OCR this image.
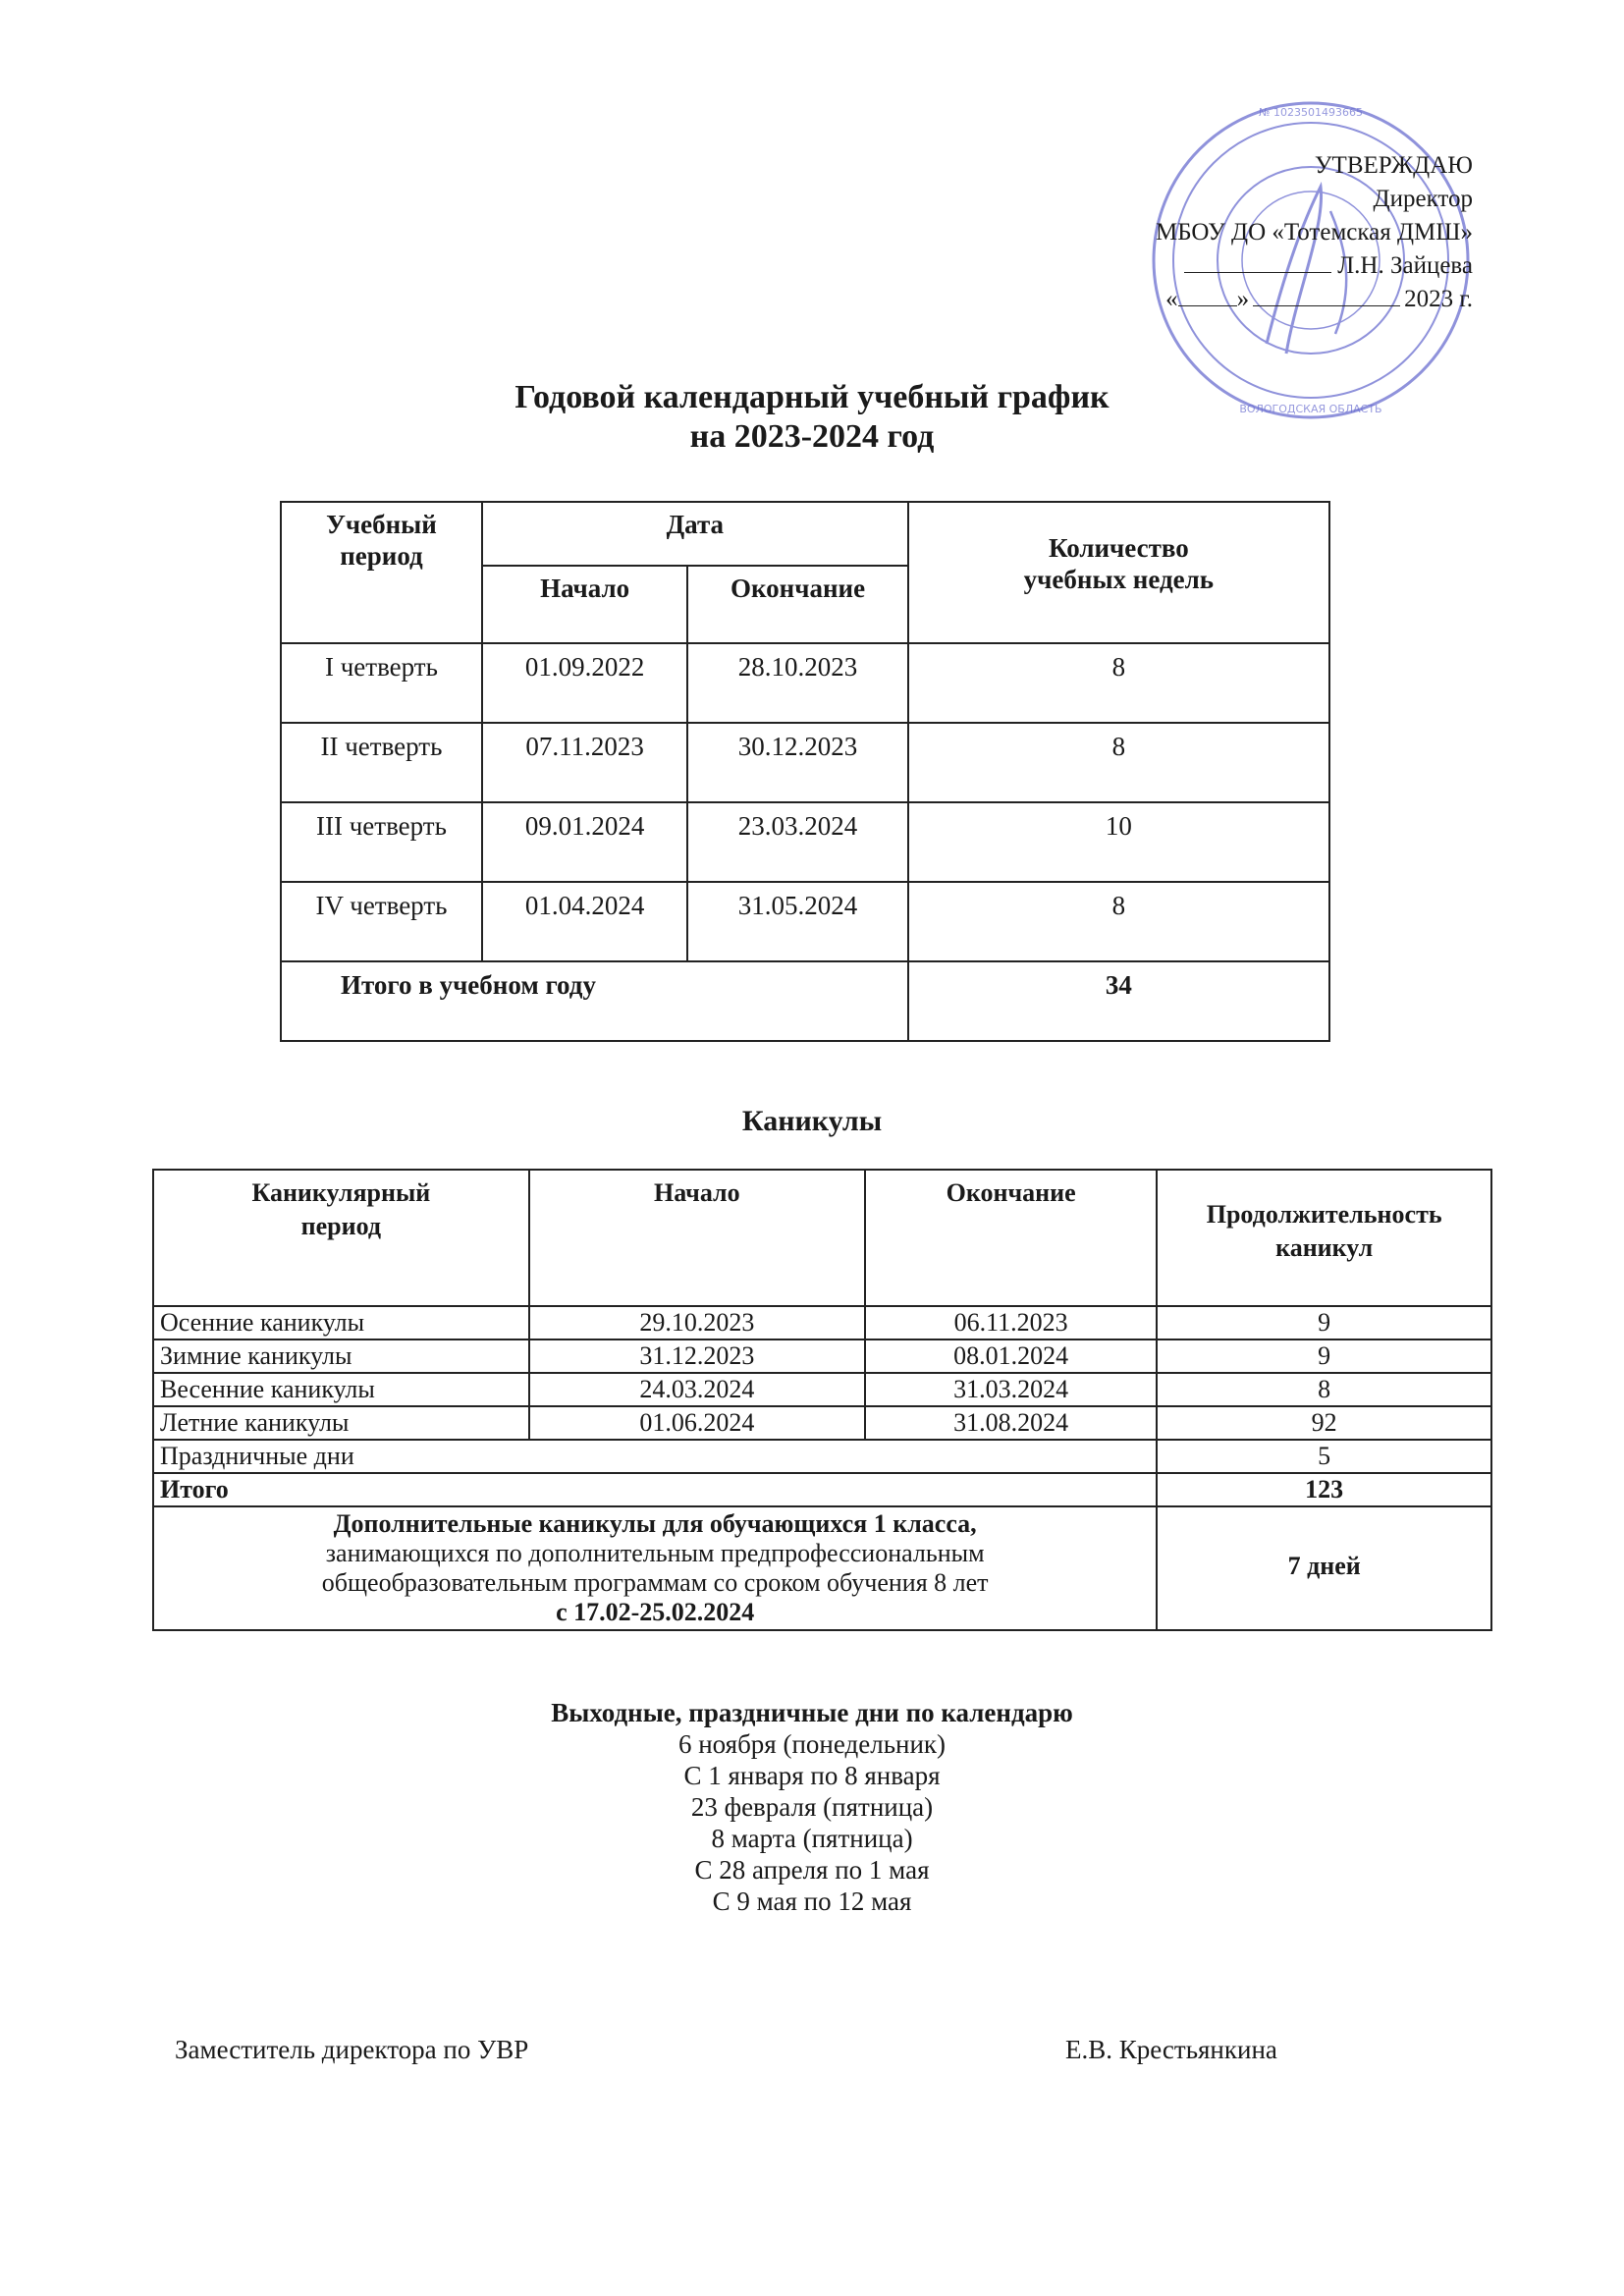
№ 1023501493665
ВОЛОГОДСКАЯ ОБЛАСТЬ
УТВЕРЖДАЮ
Директор
МБОУ ДО «Тотемская ДМШ»
Л.Н. Зайцева
« »	2023 г.
Годовой календарный учебный график
на 2023-2024 год
Учебный период	Дата		Количество учебных недель
	Начало	Окончание	
I четверть	01.09.2022	28.10.2023	8
II четверть	07.11.2023	30.12.2023	8
III четверть	09.01.2024	23.03.2024	10
IV четверть	01.04.2024	31.05.2024	8
Итого в учебном году			34
Каникулы
Каникулярный период	Начало	Окончание	Продолжительность каникул
Осенние каникулы	29.10.2023	06.11.2023	9
Зимние каникулы	31.12.2023	08.01.2024	9
Весенние каникулы	24.03.2024	31.03.2024	8
Летние каникулы	01.06.2024	31.08.2024	92
Праздничные дни			5
Итого			123

Дополнительные каникулы для обучающихся 1 класса,
занимающихся по дополнительным предпрофессиональным
общеобразовательным программам со сроком обучения 8 лет
с 17.02-25.02.2024			7 дней
Выходные, праздничные дни по календарю
6 ноября (понедельник)
С 1 января по 8 января
23 февраля (пятница)
8 марта (пятница)
С 28 апреля по 1 мая
С 9 мая по 12 мая
Заместитель директора по УВР	Е.В. Крестьянкина
